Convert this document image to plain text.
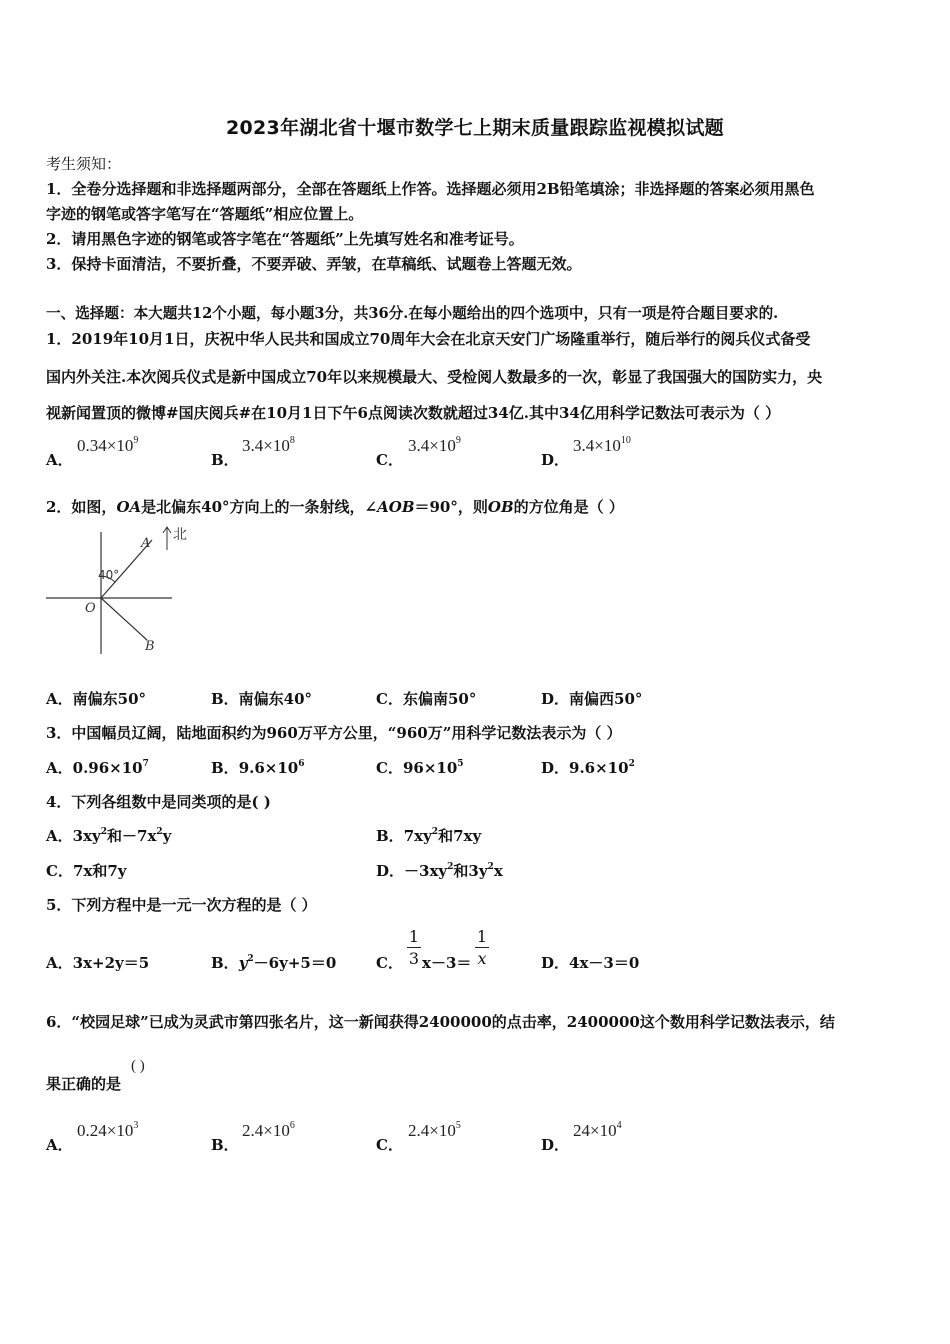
2023年湖北省十堰市数学七上期末质量跟踪监视模拟试题
考生须知：
1．全卷分选择题和非选择题两部分，全部在答题纸上作答。选择题必须用2B铅笔填涂；非选择题的答案必须用黑色
字迹的钢笔或答字笔写在“答题纸”相应位置上。
2．请用黑色字迹的钢笔或答字笔在“答题纸”上先填写姓名和准考证号。
3．保持卡面清洁，不要折叠，不要弄破、弄皱，在草稿纸、试题卷上答题无效。
一、选择题：本大题共12个小题，每小题3分，共36分.在每小题给出的四个选项中，只有一项是符合题目要求的.
1．2019年10月1日，庆祝中华人民共和国成立70周年大会在北京天安门广场隆重举行，随后举行的阅兵仪式备受
国内外关注.本次阅兵仪式是新中国成立70年以来规模最大、受检阅人数最多的一次，彰显了我国强大的国防实力，央
视新闻置顶的微博#国庆阅兵#在10月1日下午6点阅读次数就超过34亿.其中34亿用科学记数法可表示为（ ）
A．
$0.34\times 10^9$
B．
$3.4\times 10^8$
C．
$3.4\times 10^9$
D．
$3.4\times 10^{10}$
2．如图，OA是北偏东40°方向上的一条射线，∠AOB＝90°，则OB的方位角是（ ）
北
A
40°
O
B
A．南偏东50°	B．南偏东40°	C．东偏南50°	D．南偏西50°
3．中国幅员辽阔，陆地面积约为960万平方公里，“960万”用科学记数法表示为（ ）
A．$0.96\times 10^7$	B．$9.6\times 10^6$	C．$96\times 10^5$	D．$9.6\times 10^2$
4．下列各组数中是同类项的是( )
A．$3xy^2$和$-7x^2y$	B．$7xy^2$和7xy
C．7x和7y	D．$-3xy^2$和$3y^2x$
5．下列方程中是一元一次方程的是（ ）
A．3x+2y＝5	B．$y^2-6y+5=0$	C．
1
3 x－3＝
1
x	D．4x－3＝0
6．“校园足球”已成为灵武市第四张名片，这一新闻获得2400000的点击率，2400000这个数用科学记数法表示，结
果正确的是
( )
A．
$0.24\times 10^3$
B．
$2.4\times 10^6$
C．
$2.4\times 10^5$
D．
$24\times 10^4$
